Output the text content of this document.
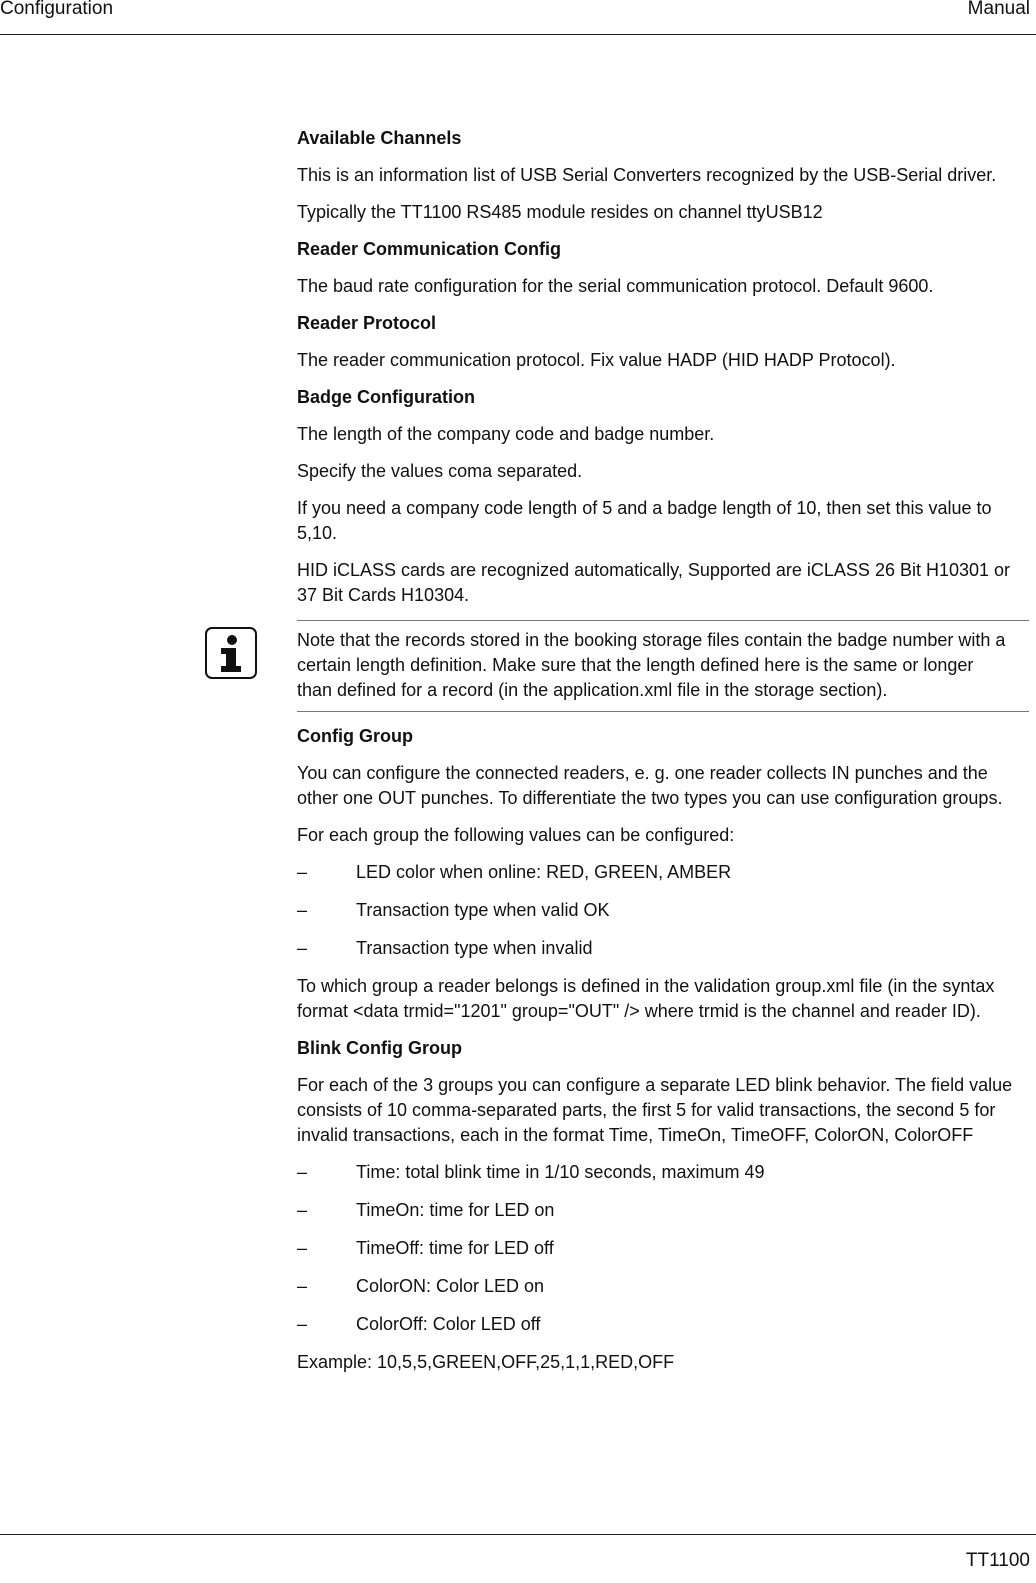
Configuration	Manual
Available Channels

This is an information list of USB Serial Converters recognized by the USB-Serial driver.

Typically the TT1100 RS485 module resides on channel ttyUSB12

Reader Communication Config

The baud rate configuration for the serial communication protocol. Default 9600.

Reader Protocol

The reader communication protocol. Fix value HADP (HID HADP Protocol).

Badge Configuration

The length of the company code and badge number.

Specify the values coma separated.

If you need a company code length of 5 and a badge length of 10, then set this value to 5,10.

HID iCLASS cards are recognized automatically, Supported are iCLASS 26 Bit H10301 or 37 Bit Cards H10304.

Note that the records stored in the booking storage files contain the badge number with a certain length definition. Make sure that the length defined here is the same or longer than defined for a record (in the application.xml file in the storage section).
Config Group

You can configure the connected readers, e. g. one reader collects IN punches and the other one OUT punches. To differentiate the two types you can use configuration groups.

For each group the following values can be configured:

–	LED color when online: RED, GREEN, AMBER
–	Transaction type when valid OK
–	Transaction type when invalid

To which group a reader belongs is defined in the validation group.xml file (in the syntax format <data trmid="1201" group="OUT" /> where trmid is the channel and reader ID).

Blink Config Group

For each of the 3 groups you can configure a separate LED blink behavior. The field value consists of 10 comma-separated parts, the first 5 for valid transactions, the second 5 for invalid transactions, each in the format Time, TimeOn, TimeOFF, ColorON, ColorOFF

–	Time: total blink time in 1/10 seconds, maximum 49
–	TimeOn: time for LED on
–	TimeOff: time for LED off
–	ColorON: Color LED on
–	ColorOff: Color LED off

Example: 10,5,5,GREEN,OFF,25,1,1,RED,OFF

TT1100
